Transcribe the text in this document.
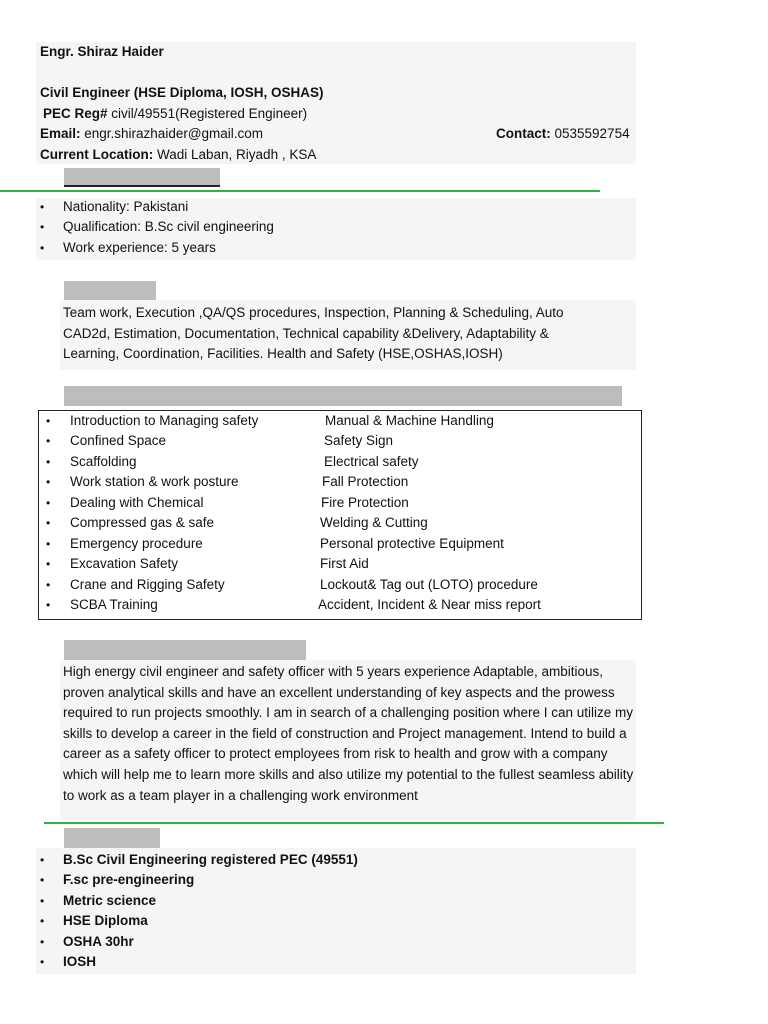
Engr. Shiraz Haider
Civil Engineer (HSE Diploma, IOSH, OSHAS)
PEC Reg# civil/49551(Registered Engineer)
Email: engr.shirazhaider@gmail.com	Contact: 0535592754
Current Location: Wadi Laban, Riyadh , KSA
• Nationality: Pakistani
• Qualification: B.Sc civil engineering
• Work experience: 5 years
Team work, Execution ,QA/QS procedures, Inspection, Planning & Scheduling, Auto CAD2d, Estimation, Documentation, Technical capability &Delivery, Adaptability & Learning, Coordination, Facilities. Health and Safety (HSE,OSHAS,IOSH)
• Introduction to Managing safety	Manual & Machine Handling
• Confined Space	Safety Sign
• Scaffolding	Electrical safety
• Work station & work posture	Fall Protection
• Dealing with Chemical	Fire Protection
• Compressed gas & safe	Welding & Cutting
• Emergency procedure	Personal protective Equipment
• Excavation Safety	First Aid
• Crane and Rigging Safety	Lockout& Tag out (LOTO) procedure
• SCBA Training	Accident, Incident & Near miss report
High energy civil engineer and safety officer with 5 years experience Adaptable, ambitious, proven analytical skills and have an excellent understanding of key aspects and the prowess required to run projects smoothly. I am in search of a challenging position where I can utilize my skills to develop a career in the field of construction and Project management. Intend to build a career as a safety officer to protect employees from risk to health and grow with a company which will help me to learn more skills and also utilize my potential to the fullest seamless ability to work as a team player in a challenging work environment
• B.Sc Civil Engineering registered PEC (49551)
• F.sc pre-engineering
• Metric science
• HSE Diploma
• OSHA 30hr
• IOSH
